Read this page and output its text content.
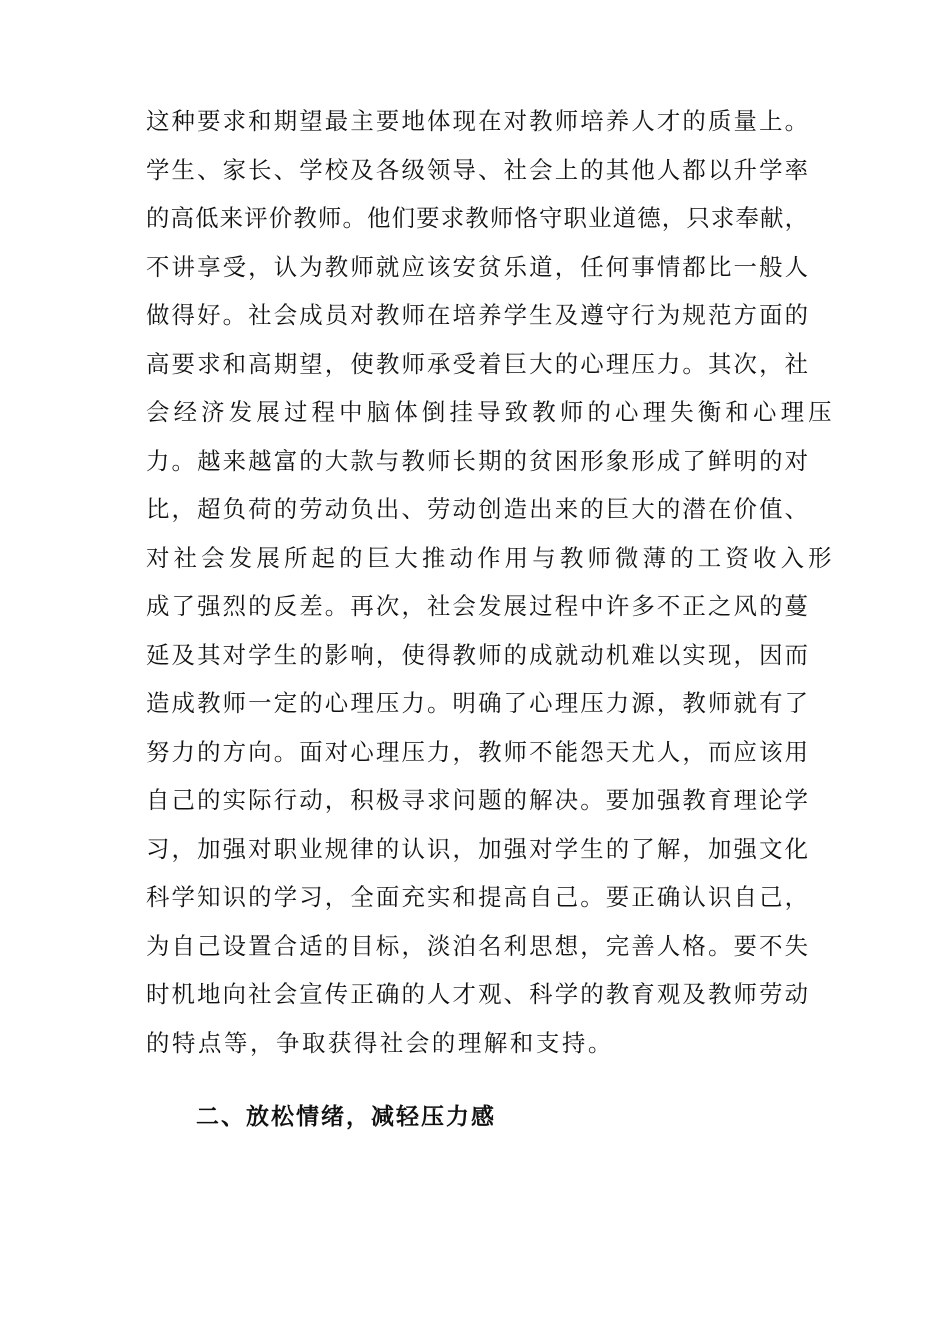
这种要求和期望最主要地体现在对教师培养人才的质量上。
学生、家长、学校及各级领导、社会上的其他人都以升学率
的高低来评价教师。他们要求教师恪守职业道德，只求奉献，
不讲享受，认为教师就应该安贫乐道，任何事情都比一般人
做得好。社会成员对教师在培养学生及遵守行为规范方面的
高要求和高期望，使教师承受着巨大的心理压力。其次，社
会经济发展过程中脑体倒挂导致教师的心理失衡和心理压
力。越来越富的大款与教师长期的贫困形象形成了鲜明的对
比，超负荷的劳动负出、劳动创造出来的巨大的潜在价值、
对社会发展所起的巨大推动作用与教师微薄的工资收入形
成了强烈的反差。再次，社会发展过程中许多不正之风的蔓
延及其对学生的影响，使得教师的成就动机难以实现，因而
造成教师一定的心理压力。明确了心理压力源，教师就有了
努力的方向。面对心理压力，教师不能怨天尤人，而应该用
自己的实际行动，积极寻求问题的解决。要加强教育理论学
习，加强对职业规律的认识，加强对学生的了解，加强文化
科学知识的学习，全面充实和提高自己。要正确认识自己，
为自己设置合适的目标，淡泊名利思想，完善人格。要不失
时机地向社会宣传正确的人才观、科学的教育观及教师劳动
的特点等，争取获得社会的理解和支持。
二、放松情绪，减轻压力感
